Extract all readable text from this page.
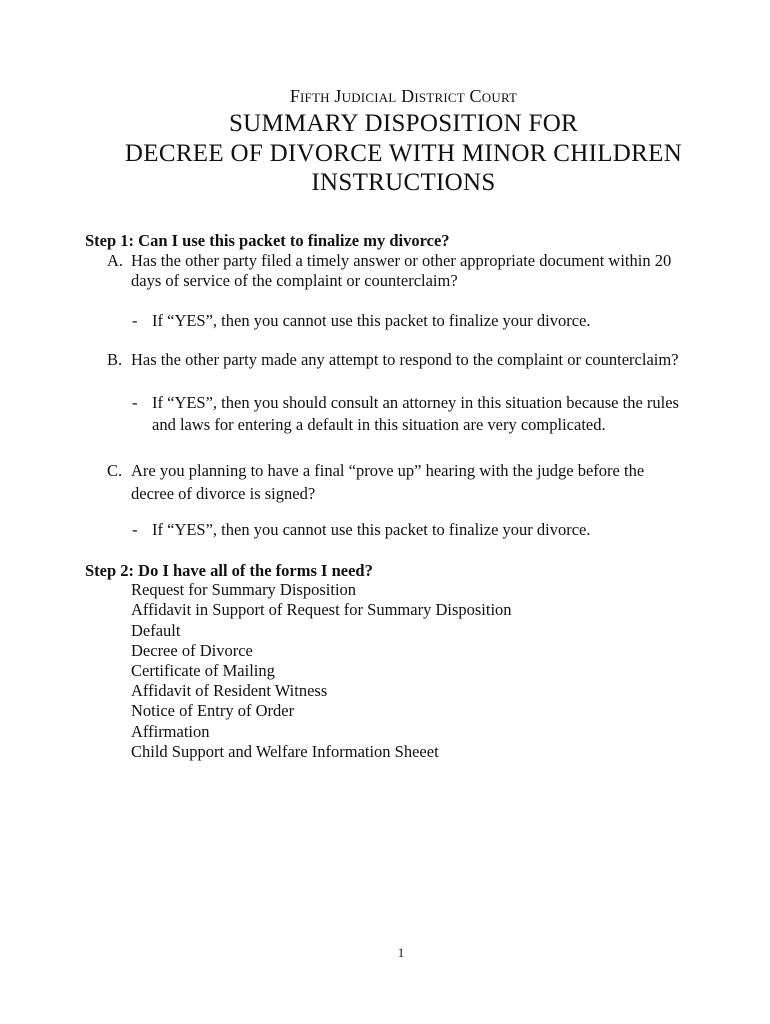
Fifth Judicial District Court
SUMMARY DISPOSITION FOR
DECREE OF DIVORCE WITH MINOR CHILDREN
INSTRUCTIONS
Step 1: Can I use this packet to finalize my divorce?
A. Has the other party filed a timely answer or other appropriate document within 20
days of service of the complaint or counterclaim?
- If “YES”, then you cannot use this packet to finalize your divorce.
B. Has the other party made any attempt to respond to the complaint or counterclaim?
- If “YES”, then you should consult an attorney in this situation because the rules
and laws for entering a default in this situation are very complicated.
C. Are you planning to have a final “prove up” hearing with the judge before the
decree of divorce is signed?
- If “YES”, then you cannot use this packet to finalize your divorce.
Step 2: Do I have all of the forms I need?
Request for Summary Disposition
Affidavit in Support of Request for Summary Disposition
Default
Decree of Divorce
Certificate of Mailing
Affidavit of Resident Witness
Notice of Entry of Order
Affirmation
Child Support and Welfare Information Sheeet
1
